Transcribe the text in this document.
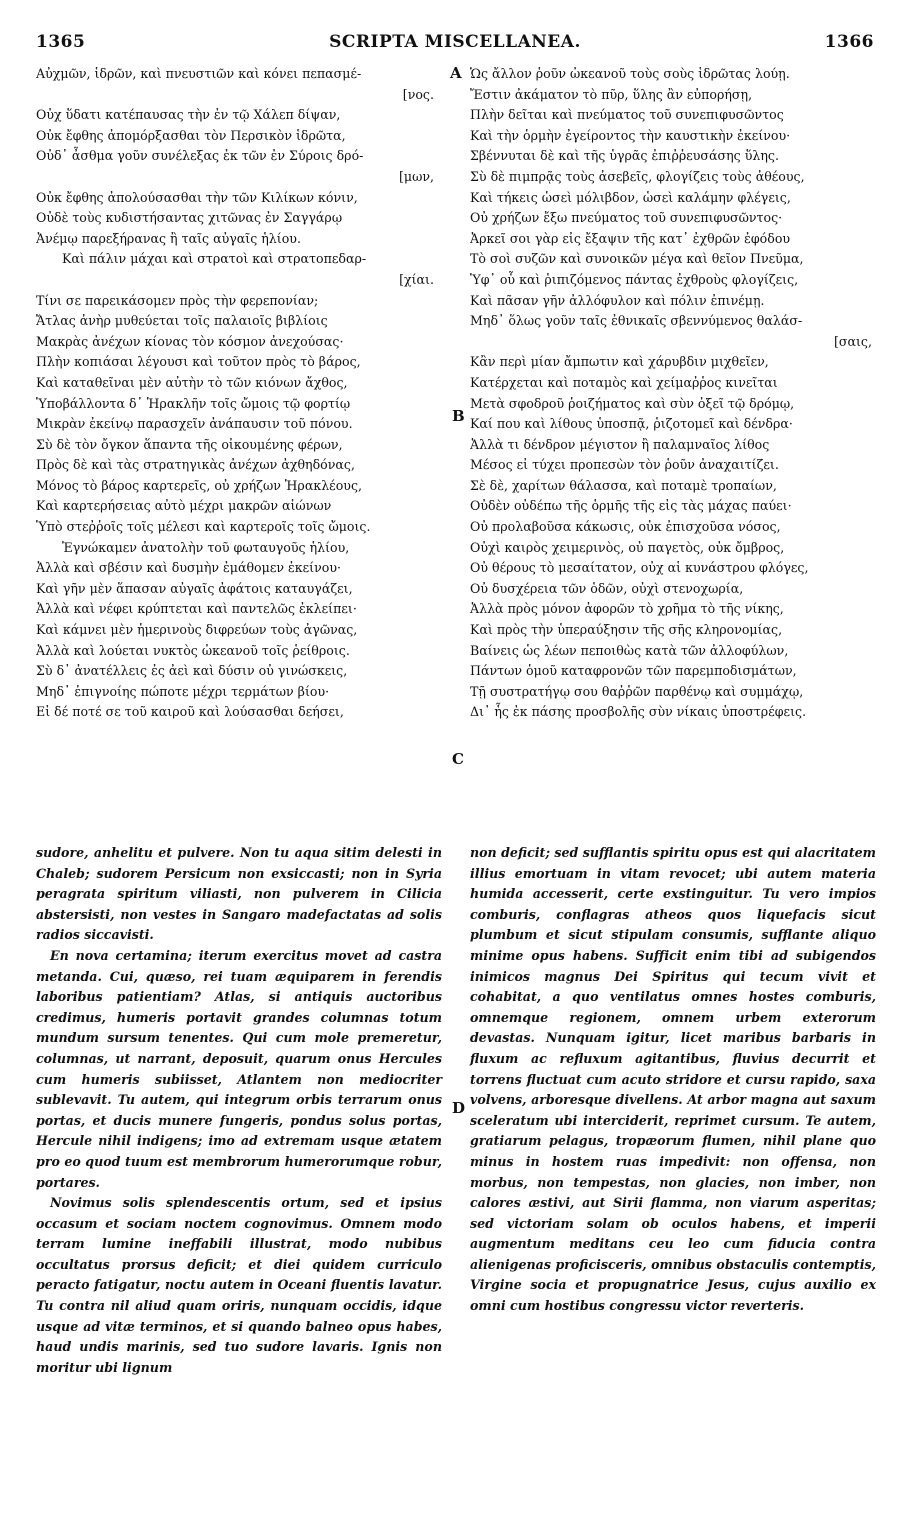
SCRIPTA MISCELLANEA.
1365	1366
Αὐχμῶν, ἱδρῶν, καὶ πνευστιῶν καὶ κόνει πεπασμέ-
[νος.
Οὐχ ὕδατι κατέπαυσας τὴν ἐν τῷ Χάλεπ δίψαν,
Οὐκ ἔφθης ἀπομόρξασθαι τὸν Περσικὸν ἱδρῶτα,
Οὐδ᾽ ἆσθμα γοῦν συνέλεξας ἐκ τῶν ἐν Σύροις δρό-
[μων,
Οὐκ ἔφθης ἀπολούσασθαι τὴν τῶν Κιλίκων κόνιν,
Οὐδὲ τοὺς κυδιστήσαντας χιτῶνας ἐν Σαγγάρῳ
Ἀνέμῳ παρεξήρανας ἢ ταῖς αὐγαῖς ἡλίου.
Καὶ πάλιν μάχαι καὶ στρατοὶ καὶ στρατοπεδαρ-
[χίαι.
Τίνι σε παρεικάσομεν πρὸς τὴν φερεπονίαν;
Ἄτλας ἀνὴρ μυθεύεται τοῖς παλαιοῖς βιβλίοις
Μακρὰς ἀνέχων κίονας τὸν κόσμον ἀνεχούσας·
Πλὴν κοπιάσαι λέγουσι καὶ τοῦτον πρὸς τὸ βάρος,
Καὶ καταθεῖναι μὲν αὐτὴν τὸ τῶν κιόνων ἄχθος,
Ὑποβάλλοντα δ᾽ Ἡρακλῆν τοῖς ὤμοις τῷ φορτίῳ
Μικρὰν ἐκείνῳ παρασχεῖν ἀνάπαυσιν τοῦ πόνου.
Σὺ δὲ τὸν ὄγκον ἅπαντα τῆς οἰκουμένης φέρων,
Πρὸς δὲ καὶ τὰς στρατηγικὰς ἀνέχων ἀχθηδόνας,
Μόνος τὸ βάρος καρτερεῖς, οὐ χρήζων Ἡρακλέους,
Καὶ καρτερήσειας αὐτὸ μέχρι μακρῶν αἰώνων
Ὑπὸ στεῤῥοῖς τοῖς μέλεσι καὶ καρτεροῖς τοῖς ὤμοις.
Ἐγνώκαμεν ἀνατολὴν τοῦ φωταυγοῦς ἡλίου,
Ἀλλὰ καὶ σβέσιν καὶ δυσμὴν ἐμάθομεν ἐκείνου·
Καὶ γῆν μὲν ἅπασαν αὐγαῖς ἀφάτοις καταυγάζει,
Ἀλλὰ καὶ νέφει κρύπτεται καὶ παντελῶς ἐκλείπει·
Καὶ κάμνει μὲν ἡμερινοὺς διφρεύων τοὺς ἀγῶνας,
Ἀλλὰ καὶ λούεται νυκτὸς ὠκεανοῦ τοῖς ῥείθροις.
Σὺ δ᾽ ἀνατέλλεις ἐς ἀεὶ καὶ δύσιν οὐ γινώσκεις,
Μηδ᾽ ἐπιγνοίης πώποτε μέχρι τερμάτων βίου·
Εἰ δέ ποτέ σε τοῦ καιροῦ καὶ λούσασθαι δεήσει,
A
B
C
D
Ὡς ἄλλον ῥοῦν ὠκεανοῦ τοὺς σοὺς ἱδρῶτας λούῃ.
Ἔστιν ἀκάματον τὸ πῦρ, ὕλης ἂν εὐπορήσῃ,
Πλὴν δεῖται καὶ πνεύματος τοῦ συνεπιφυσῶντος
Καὶ τὴν ὁρμὴν ἐγείροντος τὴν καυστικὴν ἐκείνου·
Σβέννυται δὲ καὶ τῆς ὑγρᾶς ἐπιῤῥευσάσης ὕλης.
Σὺ δὲ πιμπρᾷς τοὺς ἀσεβεῖς, φλογίζεις τοὺς ἀθέους,
Καὶ τήκεις ὡσεὶ μόλιβδον, ὡσεὶ καλάμην φλέγεις,
Οὐ χρήζων ἔξω πνεύματος τοῦ συνεπιφυσῶντος·
Ἀρκεῖ σοι γὰρ εἰς ἔξαψιν τῆς κατ᾽ ἐχθρῶν ἐφόδου
Τὸ σοὶ συζῶν καὶ συνοικῶν μέγα καὶ θεῖον Πνεῦμα,
Ὑφ᾽ οὗ καὶ ῥιπιζόμενος πάντας ἐχθροὺς φλογίζεις,
Καὶ πᾶσαν γῆν ἀλλόφυλον καὶ πόλιν ἐπινέμῃ.
Μηδ᾽ ὅλως γοῦν ταῖς ἐθνικαῖς σβεννύμενος θαλάσ-
[σαις,
Κἂν περὶ μίαν ἄμπωτιν καὶ χάρυβδιν μιχθεῖεν,
Κατέρχεται καὶ ποταμὸς καὶ χείμαῤῥος κινεῖται
Μετὰ σφοδροῦ ῥοιζήματος καὶ σὺν ὀξεῖ τῷ δρόμῳ,
Καί που καὶ λίθους ὑποσπᾷ, ῥιζοτομεῖ καὶ δένδρα·
Ἀλλὰ τι δένδρον μέγιστον ἢ παλαμναῖος λίθος
Μέσος εἰ τύχει προπεσὼν τὸν ῥοῦν ἀναχαιτίζει.
Σὲ δὲ, χαρίτων θάλασσα, καὶ ποταμὲ τροπαίων,
Οὐδὲν οὐδέπω τῆς ὁρμῆς τῆς εἰς τὰς μάχας παύει·
Οὐ προλαβοῦσα κάκωσις, οὐκ ἐπισχοῦσα νόσος,
Οὐχὶ καιρὸς χειμερινὸς, οὐ παγετὸς, οὐκ ὄμβρος,
Οὐ θέρους τὸ μεσαίτατον, οὐχ αἱ κυνάστρου φλόγες,
Οὐ δυσχέρεια τῶν ὁδῶν, οὐχὶ στενοχωρία,
Ἀλλὰ πρὸς μόνον ἀφορῶν τὸ χρῆμα τὸ τῆς νίκης,
Καὶ πρὸς τὴν ὑπεραύξησιν τῆς σῆς κληρονομίας,
Βαίνεις ὡς λέων πεποιθὼς κατὰ τῶν ἀλλοφύλων,
Πάντων ὁμοῦ καταφρονῶν τῶν παρεμποδισμάτων,
Τῇ συστρατήγῳ σου θαῤῥῶν παρθένῳ καὶ συμμάχῳ,
Δι᾽ ἧς ἐκ πάσης προσβολῆς σὺν νίκαις ὑποστρέφεις.

sudore, anhelitu et pulvere. Non tu aqua sitim delesti in Chaleb; sudorem Persicum non exsiccasti; non in Syria peragrata spiritum viliasti, non pulverem in Cilicia abstersisti, non vestes in Sangaro madefactatas ad solis radios siccavisti.

En nova certamina; iterum exercitus movet ad castra metanda. Cui, quæso, rei tuam æquiparem in ferendis laboribus patientiam? Atlas, si antiquis auctoribus credimus, humeris portavit grandes columnas totum mundum sursum tenentes. Qui cum mole premeretur, columnas, ut narrant, deposuit, quarum onus Hercules cum humeris subiisset, Atlantem non mediocriter sublevavit. Tu autem, qui integrum orbis terrarum onus portas, et ducis munere fungeris, pondus solus portas, Hercule nihil indigens; imo ad extremam usque ætatem pro eo quod tuum est membrorum humerorumque robur, portares.

Novimus solis splendescentis ortum, sed et ipsius occasum et sociam noctem cognovimus. Omnem modo terram lumine ineffabili illustrat, modo nubibus occultatus prorsus deficit; et diei quidem curriculo peracto fatigatur, noctu autem in Oceani fluentis lavatur. Tu contra nil aliud quam oriris, nunquam occidis, idque usque ad vitæ terminos, et si quando balneo opus habes, haud undis marinis, sed tuo sudore lavaris. Ignis non moritur ubi lignum

non deficit; sed sufflantis spiritu opus est qui alacritatem illius emortuam in vitam revocet; ubi autem materia humida accesserit, certe exstinguitur. Tu vero impios comburis, conflagras atheos quos liquefacis sicut plumbum et sicut stipulam consumis, sufflante aliquo minime opus habens. Sufficit enim tibi ad subigendos inimicos magnus Dei Spiritus qui tecum vivit et cohabitat, a quo ventilatus omnes hostes comburis, omnemque regionem, omnem urbem exterorum devastas. Nunquam igitur, licet maribus barbaris in fluxum ac refluxum agitantibus, fluvius decurrit et torrens fluctuat cum acuto stridore et cursu rapido, saxa volvens, arboresque divellens. At arbor magna aut saxum sceleratum ubi interciderit, reprimet cursum. Te autem, gratiarum pelagus, tropæorum flumen, nihil plane quo minus in hostem ruas impedivit: non offensa, non morbus, non tempestas, non glacies, non imber, non calores æstivi, aut Sirii flamma, non viarum asperitas; sed victoriam solam ob oculos habens, et imperii augmentum meditans ceu leo cum fiducia contra alienigenas proficisceris, omnibus obstaculis contemptis, Virgine socia et propugnatrice Jesus, cujus auxilio ex omni cum hostibus congressu victor reverteris.
